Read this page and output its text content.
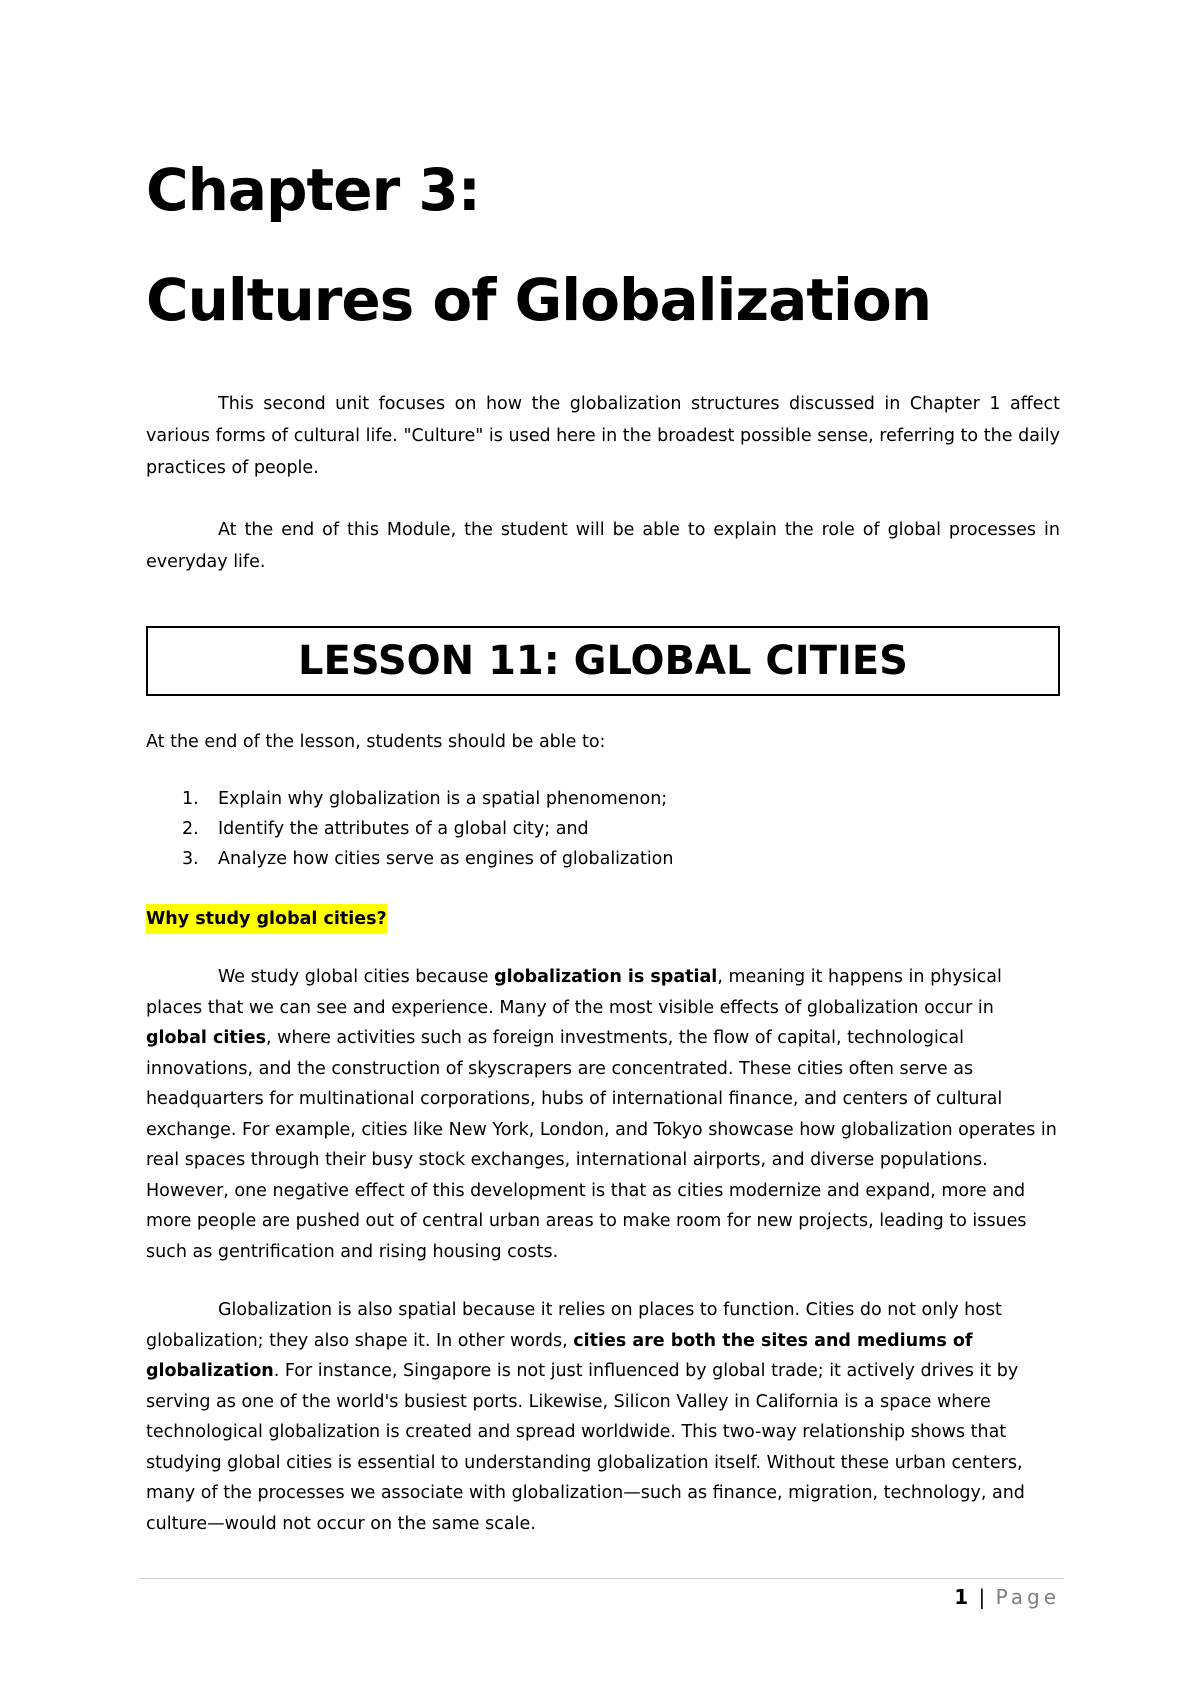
Chapter 3:
Cultures of Globalization

This second unit focuses on how the globalization structures discussed in Chapter 1 affect various forms of cultural life. "Culture" is used here in the broadest possible sense, referring to the daily practices of people.

At the end of this Module, the student will be able to explain the role of global processes in everyday life.

LESSON 11: GLOBAL CITIES

At the end of the lesson, students should be able to:

1.	Explain why globalization is a spatial phenomenon;
2.	Identify the attributes of a global city; and
3.	Analyze how cities serve as engines of globalization
Why study global cities?

We study global cities because globalization is spatial, meaning it happens in physical places that we can see and experience. Many of the most visible effects of globalization occur in global cities, where activities such as foreign investments, the flow of capital, technological innovations, and the construction of skyscrapers are concentrated. These cities often serve as headquarters for multinational corporations, hubs of international finance, and centers of cultural exchange. For example, cities like New York, London, and Tokyo showcase how globalization operates in real spaces through their busy stock exchanges, international airports, and diverse populations. However, one negative effect of this development is that as cities modernize and expand, more and more people are pushed out of central urban areas to make room for new projects, leading to issues such as gentrification and rising housing costs.

Globalization is also spatial because it relies on places to function. Cities do not only host globalization; they also shape it. In other words, cities are both the sites and mediums of globalization. For instance, Singapore is not just influenced by global trade; it actively drives it by serving as one of the world's busiest ports. Likewise, Silicon Valley in California is a space where technological globalization is created and spread worldwide. This two-way relationship shows that studying global cities is essential to understanding globalization itself. Without these urban centers, many of the processes we associate with globalization—such as finance, migration, technology, and culture—would not occur on the same scale.

1 | Page
